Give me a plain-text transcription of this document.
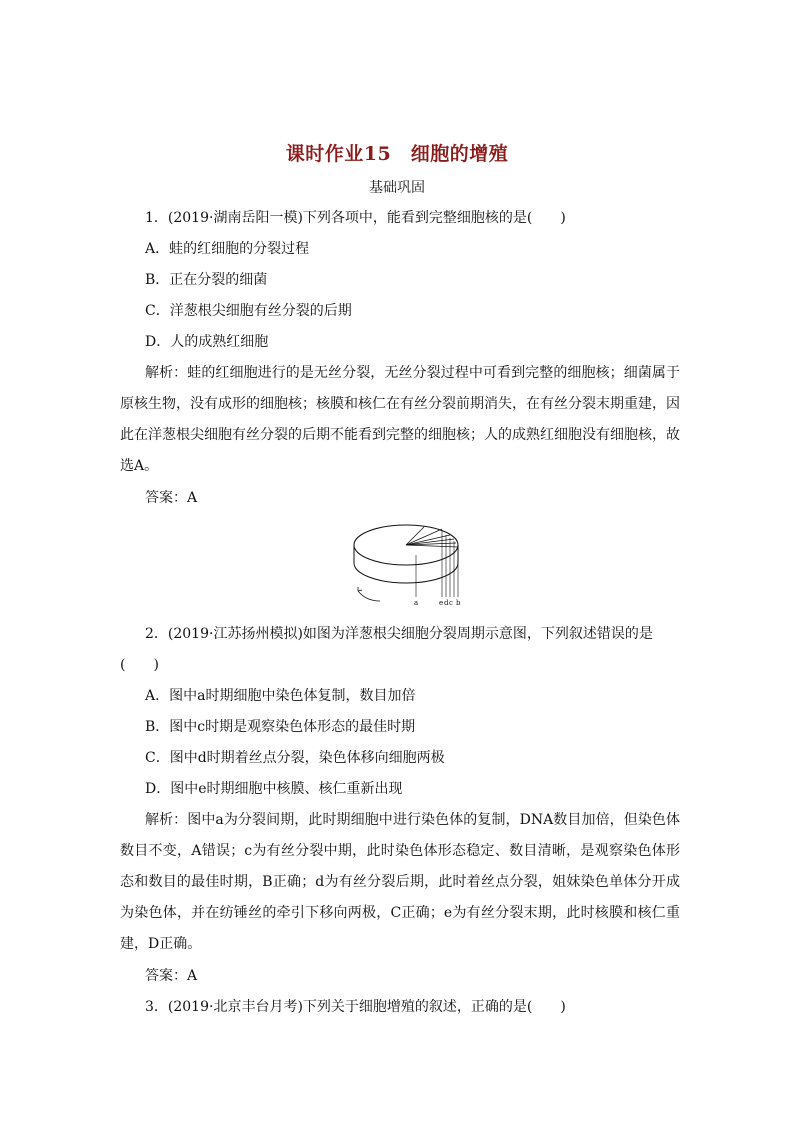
课时作业15　细胞的增殖
基础巩固
1．(2019·湖南岳阳一模)下列各项中，能看到完整细胞核的是(　　)
A．蛙的红细胞的分裂过程
B．正在分裂的细菌
C．洋葱根尖细胞有丝分裂的后期
D．人的成熟红细胞
解析：蛙的红细胞进行的是无丝分裂，无丝分裂过程中可看到完整的细胞核；细菌属于原核生物，没有成形的细胞核；核膜和核仁在有丝分裂前期消失，在有丝分裂末期重建，因此在洋葱根尖细胞有丝分裂的后期不能看到完整的细胞核；人的成熟红细胞没有细胞核，故选A。
答案：A
a	e d c b
2．(2019·江苏扬州模拟)如图为洋葱根尖细胞分裂周期示意图，下列叙述错误的是
(　　)
A．图中a时期细胞中染色体复制，数目加倍
B．图中c时期是观察染色体形态的最佳时期
C．图中d时期着丝点分裂，染色体移向细胞两极
D．图中e时期细胞中核膜、核仁重新出现
解析：图中a为分裂间期，此时期细胞中进行染色体的复制，DNA数目加倍，但染色体数目不变，A错误；c为有丝分裂中期，此时染色体形态稳定、数目清晰，是观察染色体形态和数目的最佳时期，B正确；d为有丝分裂后期，此时着丝点分裂，姐妹染色单体分开成为染色体，并在纺锤丝的牵引下移向两极，C正确；e为有丝分裂末期，此时核膜和核仁重建，D正确。
答案：A
3．(2019·北京丰台月考)下列关于细胞增殖的叙述，正确的是(　　)
